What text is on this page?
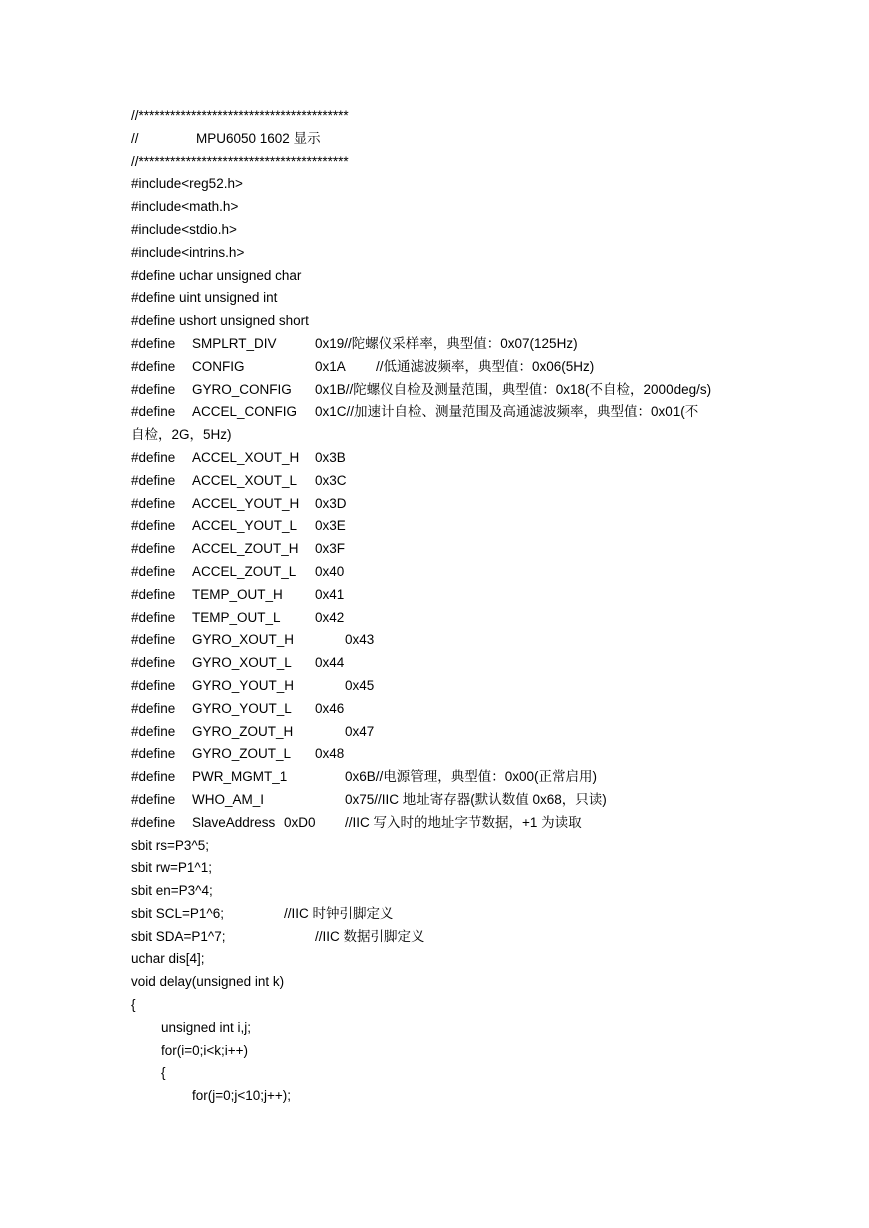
//****************************************
//	MPU6050 1602 显示
//****************************************
#include<reg52.h>
#include<math.h>
#include<stdio.h>
#include<intrins.h>
#define uchar unsigned char
#define uint unsigned int
#define ushort unsigned short
#define SMPLRT_DIV	0x19//陀螺仪采样率，典型值：0x07(125Hz)
#define CONFIG	0x1A //低通滤波频率，典型值：0x06(5Hz)
#define GYRO_CONFIG 0x1B//陀螺仪自检及测量范围，典型值：0x18(不自检，2000deg/s)
#define ACCEL_CONFIG 0x1C//加速计自检、测量范围及高通滤波频率，典型值：0x01(不
自检，2G，5Hz)
#define ACCEL_XOUT_H 0x3B
#define ACCEL_XOUT_L 0x3C
#define ACCEL_YOUT_H 0x3D
#define ACCEL_YOUT_L 0x3E
#define ACCEL_ZOUT_H 0x3F
#define ACCEL_ZOUT_L 0x40
#define TEMP_OUT_H 0x41
#define TEMP_OUT_L	0x42
#define GYRO_XOUT_H	0x43
#define GYRO_XOUT_L 0x44
#define GYRO_YOUT_H	0x45
#define GYRO_YOUT_L 0x46
#define GYRO_ZOUT_H	0x47
#define GYRO_ZOUT_L 0x48
#define PWR_MGMT_1	0x6B//电源管理，典型值：0x00(正常启用)
#define WHO_AM_I	0x75//IIC 地址寄存器(默认数值 0x68，只读)
#define SlaveAddress 0xD0 //IIC 写入时的地址字节数据，+1 为读取
sbit rs=P3^5;
sbit rw=P1^1;
sbit en=P3^4;
sbit SCL=P1^6;	//IIC 时钟引脚定义
sbit SDA=P1^7;	//IIC 数据引脚定义
uchar dis[4];
void delay(unsigned int k)
{
unsigned int i,j;
for(i=0;i<k;i++)
{
for(j=0;j<10;j++);
